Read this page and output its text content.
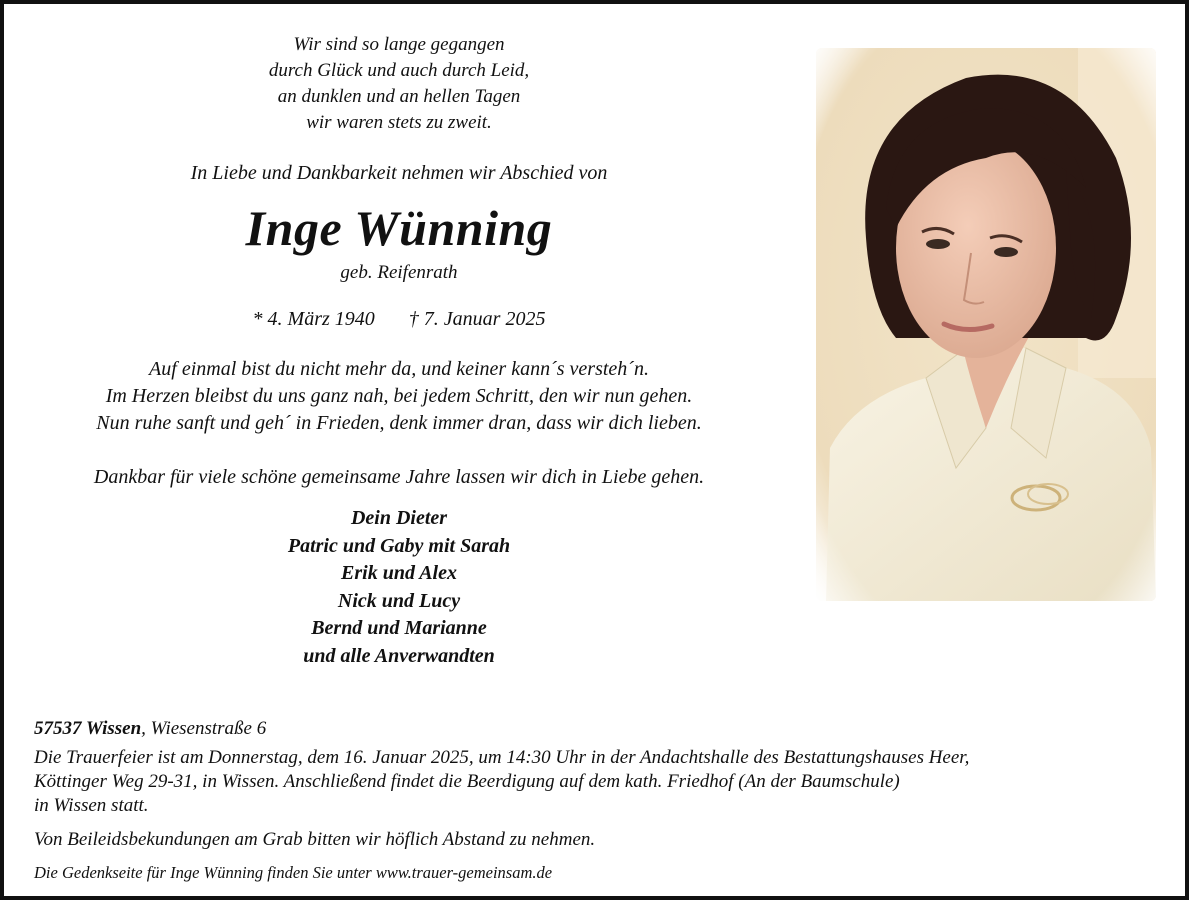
Wir sind so lange gegangen
durch Glück und auch durch Leid,
an dunklen und an hellen Tagen
wir waren stets zu zweit.
In Liebe und Dankbarkeit nehmen wir Abschied von
Inge Wünning
geb. Reifenrath
* 4. März 1940 † 7. Januar 2025
Auf einmal bist du nicht mehr da, und keiner kann´s versteh´n.
Im Herzen bleibst du uns ganz nah, bei jedem Schritt, den wir nun gehen.
Nun ruhe sanft und geh´ in Frieden, denk immer dran, dass wir dich lieben.
Dankbar für viele schöne gemeinsame Jahre lassen wir dich in Liebe gehen.
Dein Dieter
Patric und Gaby mit Sarah
Erik und Alex
Nick und Lucy
Bernd und Marianne
und alle Anverwandten
57537 Wissen, Wiesenstraße 6
Die Trauerfeier ist am Donnerstag, dem 16. Januar 2025, um 14:30 Uhr in der Andachtshalle des Bestattungshauses Heer,
Köttinger Weg 29-31, in Wissen. Anschließend findet die Beerdigung auf dem kath. Friedhof (An der Baumschule)
in Wissen statt.
Von Beileidsbekundungen am Grab bitten wir höflich Abstand zu nehmen.
Die Gedenkseite für Inge Wünning finden Sie unter www.trauer-gemeinsam.de
